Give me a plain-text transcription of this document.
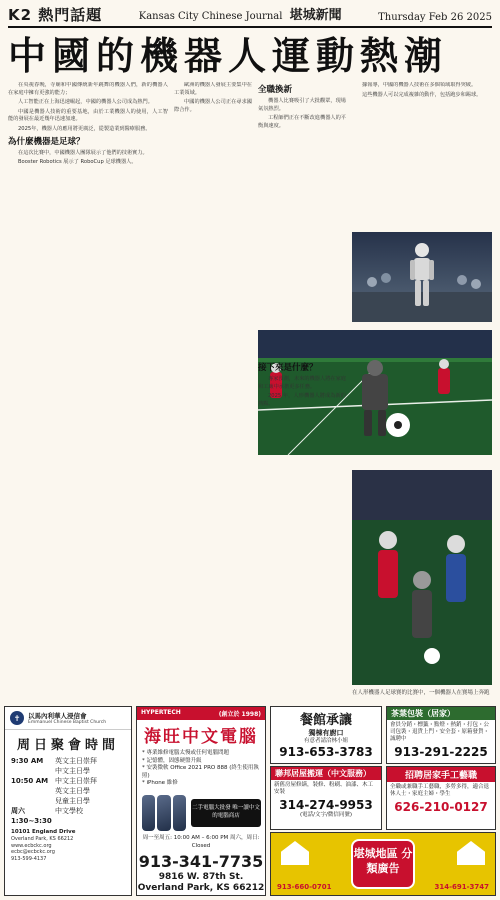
K2 熱門話題	Kansas City Chinese Journal 堪城新聞	Thursday Feb 26 2025
中國的機器人運動熱潮

在央視春晚，寺廟和中國傳統新年跳舞的機器人們，新的機器人在家庭中擁有更強的能力；

人工智能正在上海迅速崛起，中國的機器人公司成為熱門。

中國是機器人技術的重要基地，由於工業機器人的使用，人工智能的發展在最近幾年迅速加速。

2025年，機器人的應用將更廣泛，從製造業到醫療服務。

為什麼機器是足球？

在這次比賽中，中國機器人團隊展示了他們的技術實力。

Booster Robotics 展示了 RoboCup 足球機器人。

歐洲的機器人發展主要集中在工業領域。

中國的機器人公司正在尋求國際合作。

全職換新

機器人比賽吸引了大批觀眾，現場氣氛熱烈。

工程師們正在不斷改進機器人的平衡與速度。

據報導，中國的機器人技術在多個領域取得突破。

這些機器人可以完成複雜的動作，包括跑步和踢球。

接下來是什麼？

專家預測，未來的機器人將在家庭和工廠中承擔更多任務。

2025 年，人形機器人將成為新的熱點。

在人形機器人足球賽的比賽中，一個機器人在賽場上奔跑
✝	以馬內利華人浸信會
Emmanuel Chinese Baptist Church
周日聚會時間
9:30 AM	英文主日崇拜
中文主日學
10:50 AM 中文主日崇拜
英文主日學
兒童主日學
周六1:30~3:30
中文學校
10101 England Drive
Overland Park, KS 66212
www.ecbckc.org
ecbc@ecbckc.org
913-599-4137
HYPERTECH	(創立於 1998)
海旺中文電腦
* 專業維修電腦太慢或任何電腦問題
* 記憶體，固態硬盤升級
* 安裝微軟 Office 2021 PRO 888 (終生使用執照)
* iPhone 維修
二手電腦大批發 唯一讀中文的電腦商店
周一至周五: 10:00 AM – 6:00 PM 周六，周日: Closed
913-341-7735
9816 W. 87th St.
Overland Park, KS 66212
餐館承讓
獨棟有廚口
有意者請洽林小姐
913-653-3783
茶葉包裝（居家）
會員分銷・標籤・點燈・熱銷・打包・公司包裝・退貨上門・安全套・原箱發貨・誠聘中
913-291-2225
聯邦居屋搬運（中文服務）
新舊房屋修繕，裝修、粉刷、油漆、木工安裝
314-274-9953
(電話/文字/微信同號)
招聘居家手工藝職
全職或兼職手工藝職，多勞多得，適合退休人士・家庭主婦・學生
626-210-0127
堪城地區 分類廣告
913-660-0701	314-691-3747
